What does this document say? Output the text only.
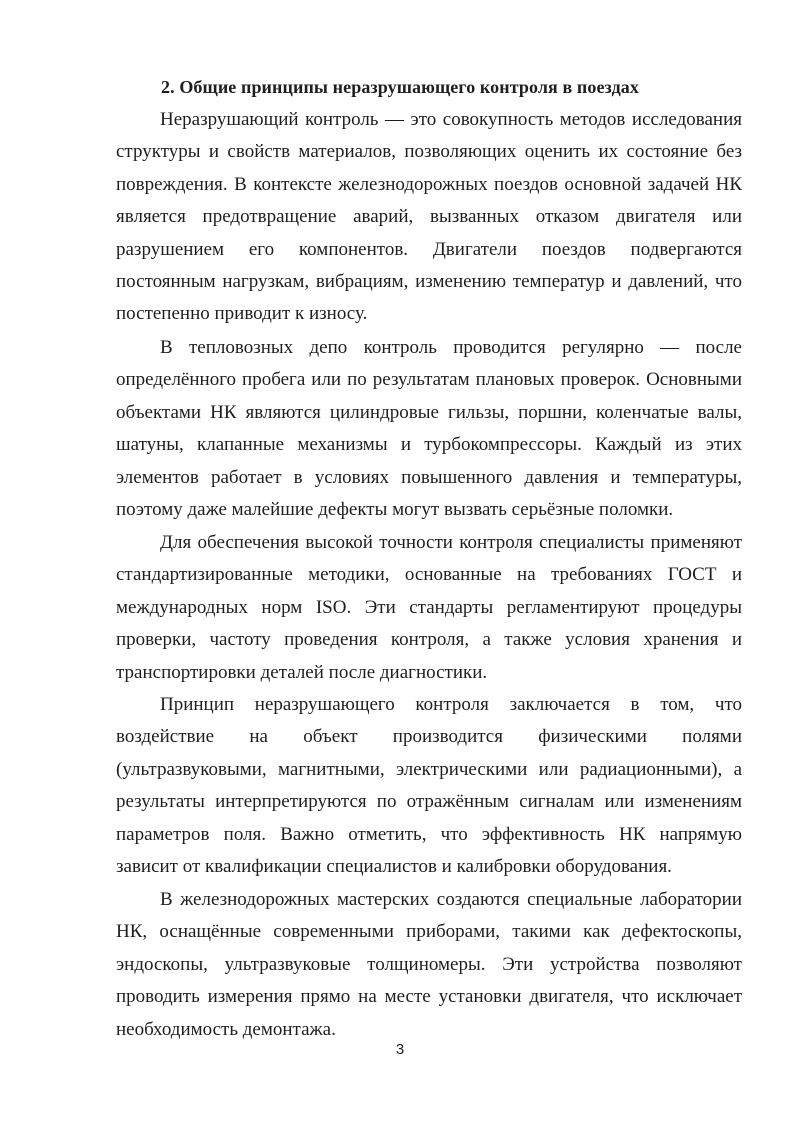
2. Общие принципы неразрушающего контроля в поездах

Неразрушающий контроль — это совокупность методов исследования структуры и свойств материалов, позволяющих оценить их состояние без повреждения. В контексте железнодорожных поездов основной задачей НК является предотвращение аварий, вызванных отказом двигателя или разрушением его компонентов. Двигатели поездов подвергаются постоянным нагрузкам, вибрациям, изменению температур и давлений, что постепенно приводит к износу.

В тепловозных депо контроль проводится регулярно — после определённого пробега или по результатам плановых проверок. Основными объектами НК являются цилиндровые гильзы, поршни, коленчатые валы, шатуны, клапанные механизмы и турбокомпрессоры. Каждый из этих элементов работает в условиях повышенного давления и температуры, поэтому даже малейшие дефекты могут вызвать серьёзные поломки.

Для обеспечения высокой точности контроля специалисты применяют стандартизированные методики, основанные на требованиях ГОСТ и международных норм ISO. Эти стандарты регламентируют процедуры проверки, частоту проведения контроля, а также условия хранения и транспортировки деталей после диагностики.

Принцип неразрушающего контроля заключается в том, что воздействие на объект производится физическими полями (ультразвуковыми, магнитными, электрическими или радиационными), а результаты интерпретируются по отражённым сигналам или изменениям параметров поля. Важно отметить, что эффективность НК напрямую зависит от квалификации специалистов и калибровки оборудования.

В железнодорожных мастерских создаются специальные лаборатории НК, оснащённые современными приборами, такими как дефектоскопы, эндоскопы, ультразвуковые толщиномеры. Эти устройства позволяют проводить измерения прямо на месте установки двигателя, что исключает необходимость демонтажа.

3
